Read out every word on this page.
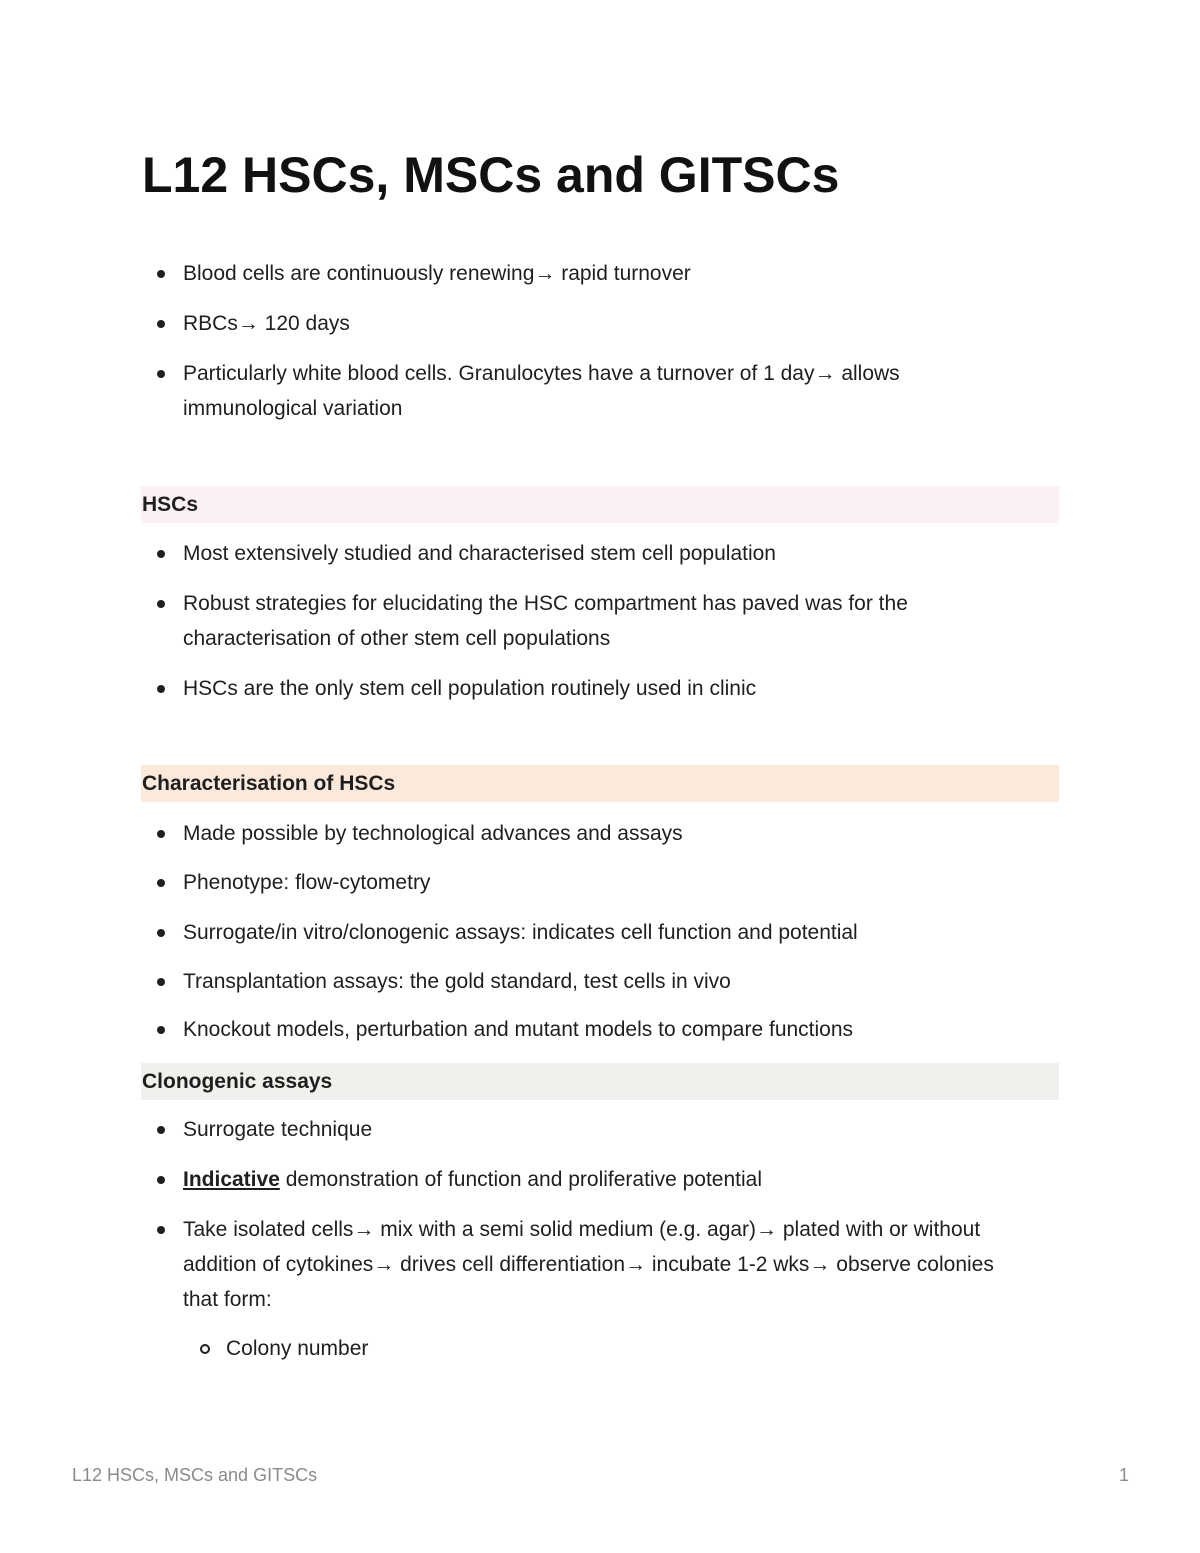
L12 HSCs, MSCs and GITSCs
Blood cells are continuously renewing→ rapid turnover
RBCs→ 120 days
Particularly white blood cells. Granulocytes have a turnover of 1 day→ allows immunological variation
HSCs
Most extensively studied and characterised stem cell population
Robust strategies for elucidating the HSC compartment has paved was for the characterisation of other stem cell populations
HSCs are the only stem cell population routinely used in clinic
Characterisation of HSCs
Made possible by technological advances and assays
Phenotype: flow-cytometry
Surrogate/in vitro/clonogenic assays: indicates cell function and potential
Transplantation assays: the gold standard, test cells in vivo
Knockout models, perturbation and mutant models to compare functions
Clonogenic assays
Surrogate technique
Indicative demonstration of function and proliferative potential
Take isolated cells→ mix with a semi solid medium (e.g. agar)→ plated with or without addition of cytokines→ drives cell differentiation→ incubate 1-2 wks→ observe colonies that form:
Colony number
L12 HSCs, MSCs and GITSCs	1
